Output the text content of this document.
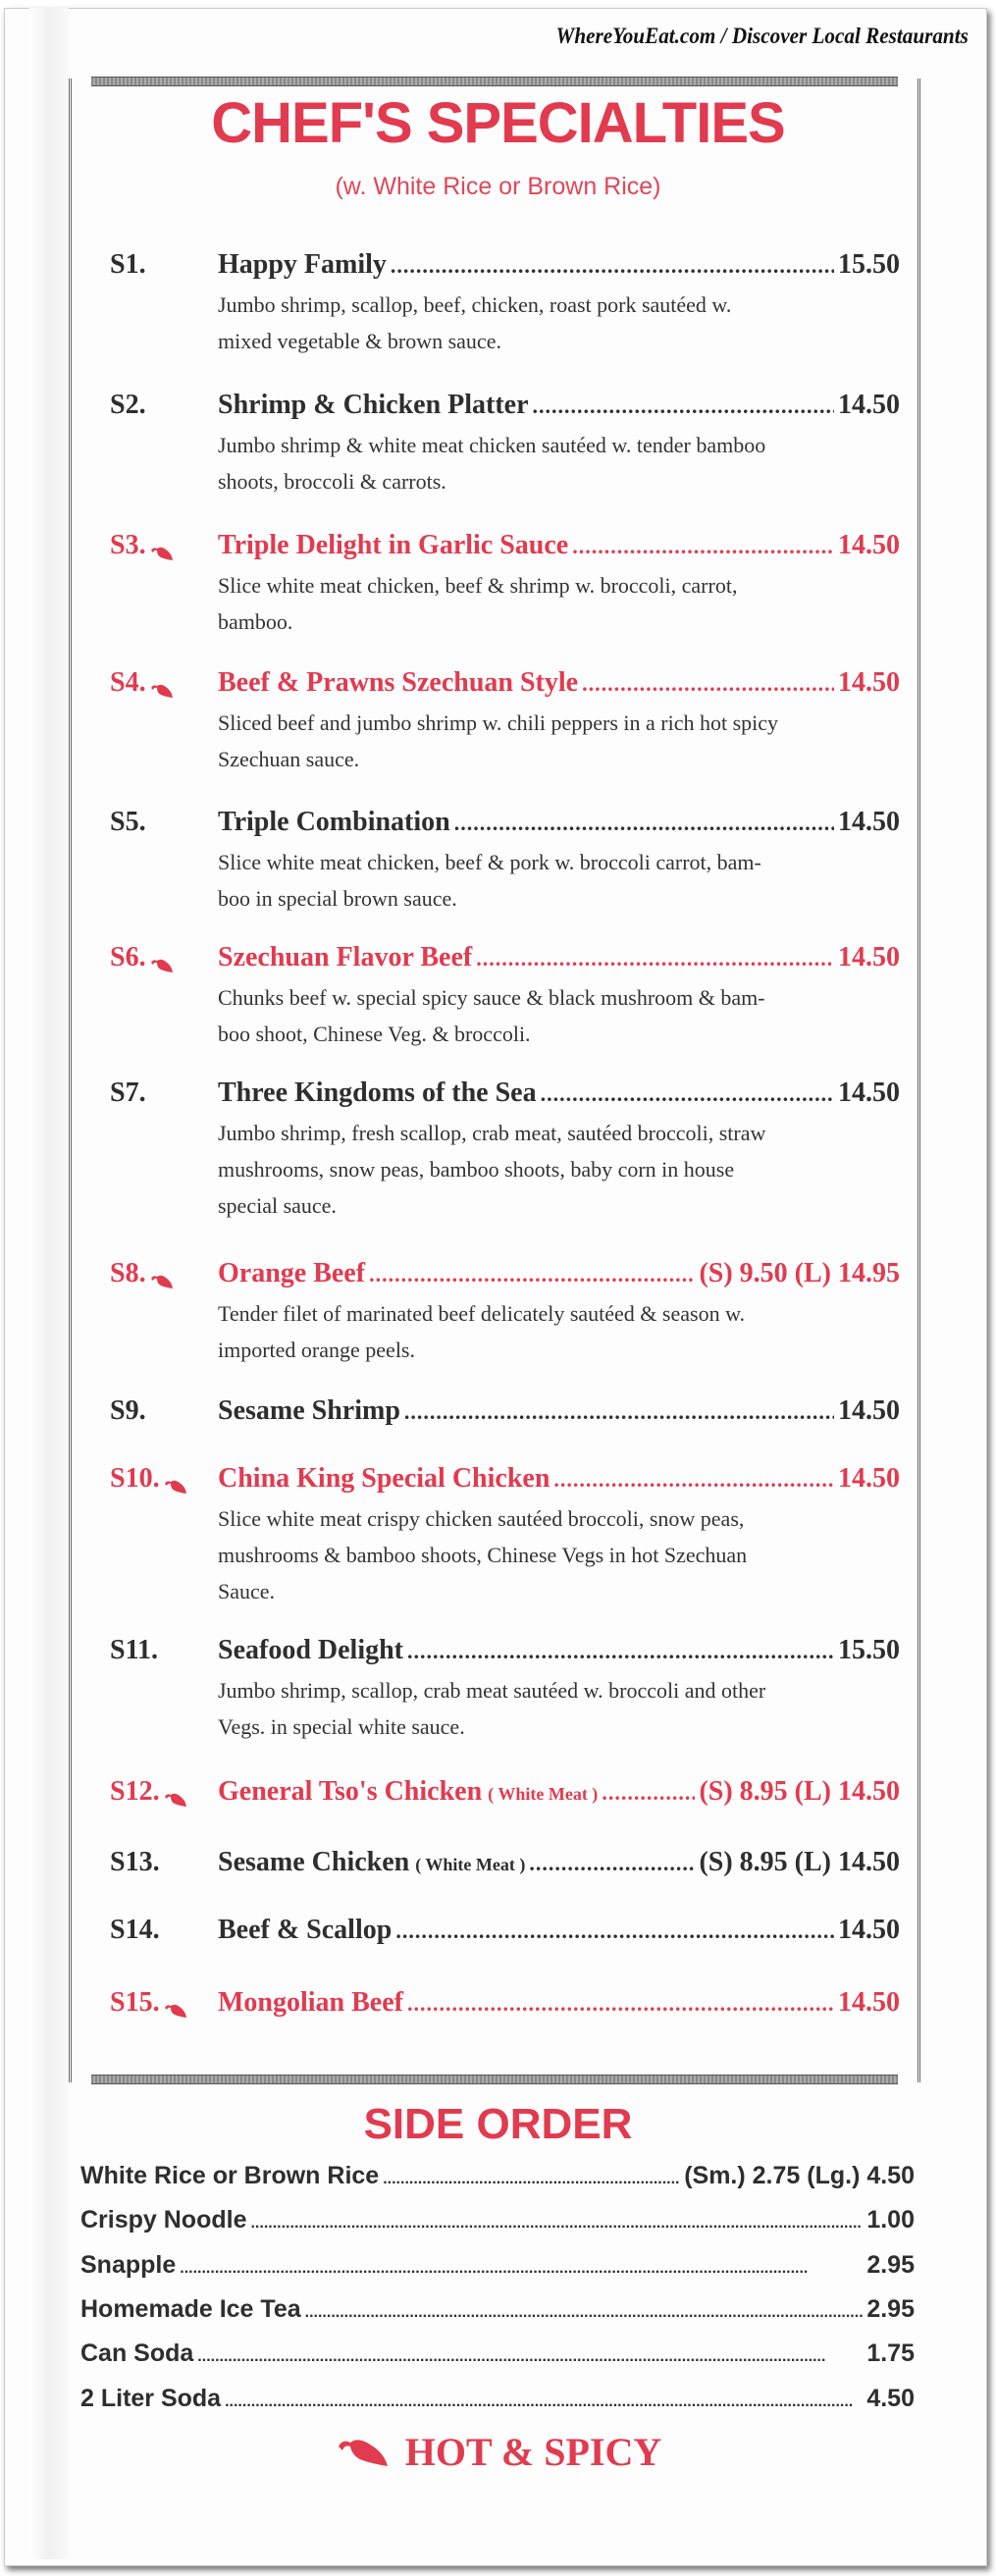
WhereYouEat.com / Discover Local Restaurants
CHEF'S SPECIALTIES
(w. White Rice or Brown Rice)
S1.	Happy Family .....	15.50
Jumbo shrimp, scallop, beef, chicken, roast pork sautéed w.
mixed vegetable & brown sauce.
S2.	Shrimp & Chicken Platter .....	14.50
Jumbo shrimp & white meat chicken sautéed w. tender bamboo
shoots, broccoli & carrots.
S3.	Triple Delight in Garlic Sauce .....	14.50
Slice white meat chicken, beef & shrimp w. broccoli, carrot,
bamboo.
S4.	Beef & Prawns Szechuan Style .....	14.50
Sliced beef and jumbo shrimp w. chili peppers in a rich hot spicy
Szechuan sauce.
S5.	Triple Combination .....	14.50
Slice white meat chicken, beef & pork w. broccoli carrot, bam-
boo in special brown sauce.
S6.	Szechuan Flavor Beef .....	14.50
Chunks beef w. special spicy sauce & black mushroom & bam-
boo shoot, Chinese Veg. & broccoli.
S7.	Three Kingdoms of the Sea .....	14.50
Jumbo shrimp, fresh scallop, crab meat, sautéed broccoli, straw
mushrooms, snow peas, bamboo shoots, baby corn in house
special sauce.
S8.	Orange Beef .....	(S) 9.50 (L) 14.95
Tender filet of marinated beef delicately sautéed & season w.
imported orange peels.
S9.	Sesame Shrimp .....	14.50
S10. China King Special Chicken .....	14.50
Slice white meat crispy chicken sautéed broccoli, snow peas,
mushrooms & bamboo shoots, Chinese Vegs in hot Szechuan
Sauce.
S11. Seafood Delight .....	15.50
Jumbo shrimp, scallop, crab meat sautéed w. broccoli and other
Vegs. in special white sauce.
S12. General Tso's Chicken ( White Meat ) .....	(S) 8.95 (L) 14.50
S13. Sesame Chicken ( White Meat ) .....	(S) 8.95 (L) 14.50
S14. Beef & Scallop .....	14.50
S15. Mongolian Beef .....	14.50
SIDE ORDER
White Rice or Brown Rice .....	(Sm.) 2.75 (Lg.) 4.50
Crispy Noodle .....	1.00
Snapple .....	2.95
Homemade Ice Tea .....	2.95
Can Soda .....	1.75
2 Liter Soda .....	4.50
HOT & SPICY
